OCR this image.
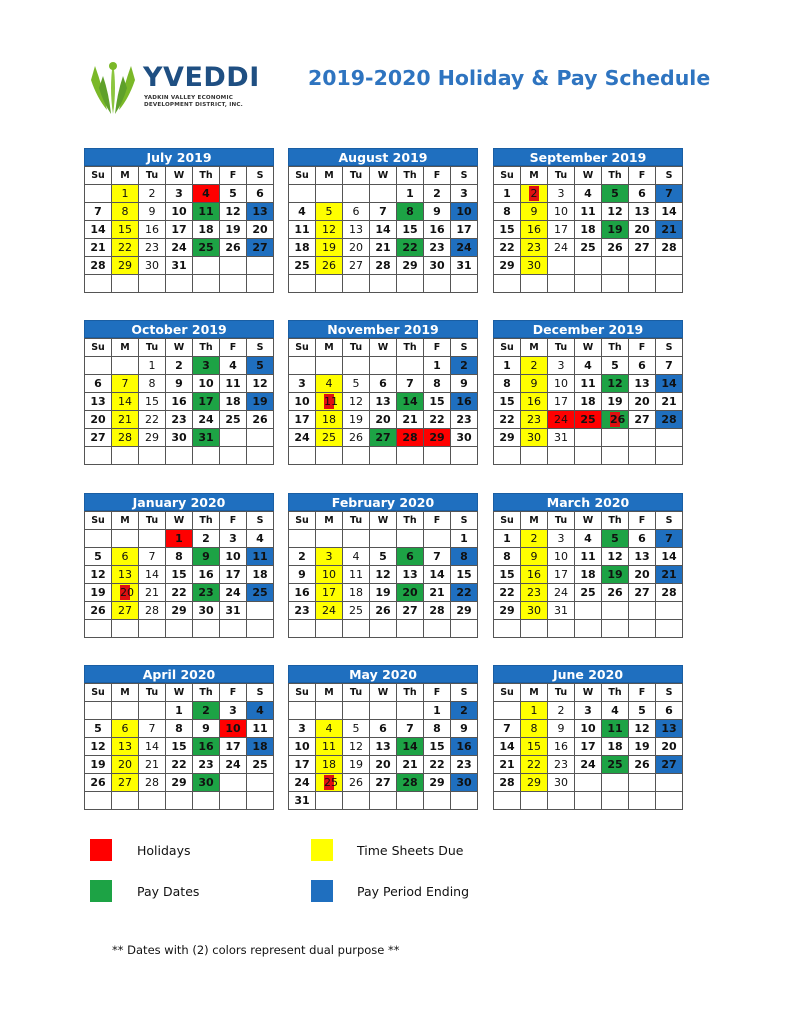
YVEDDI
YADKIN VALLEY ECONOMIC
DEVELOPMENT DISTRICT, INC.
2019-2020 Holiday & Pay Schedule
July 2019
Su	M	Tu	W	Th	F	S
	1	2	3	4	5	6
7	8	9	10	11	12	13
14	15	16	17	18	19	20
21	22	23	24	25	26	27
28	29	30	31			

August 2019
Su	M	Tu	W	Th	F	S
				1	2	3
4	5	6	7	8	9	10
11	12	13	14	15	16	17
18	19	20	21	22	23	24
25	26	27	28	29	30	31

September 2019
Su	M	Tu	W	Th	F	S
1	2	3	4	5	6	7
8	9	10	11	12	13	14
15	16	17	18	19	20	21
22	23	24	25	26	27	28
29	30					

October 2019
Su	M	Tu	W	Th	F	S
		1	2	3	4	5
6	7	8	9	10	11	12
13	14	15	16	17	18	19
20	21	22	23	24	25	26
27	28	29	30	31		

November 2019
Su	M	Tu	W	Th	F	S
					1	2
3	4	5	6	7	8	9
10	11	12	13	14	15	16
17	18	19	20	21	22	23
24	25	26	27	28	29	30

December 2019
Su	M	Tu	W	Th	F	S
1	2	3	4	5	6	7
8	9	10	11	12	13	14
15	16	17	18	19	20	21
22	23	24	25	26	27	28
29	30	31				

January 2020
Su	M	Tu	W	Th	F	S
			1	2	3	4
5	6	7	8	9	10	11
12	13	14	15	16	17	18
19	20	21	22	23	24	25
26	27	28	29	30	31	

February 2020
Su	M	Tu	W	Th	F	S
						1
2	3	4	5	6	7	8
9	10	11	12	13	14	15
16	17	18	19	20	21	22
23	24	25	26	27	28	29

March 2020
Su	M	Tu	W	Th	F	S
1	2	3	4	5	6	7
8	9	10	11	12	13	14
15	16	17	18	19	20	21
22	23	24	25	26	27	28
29	30	31				

April 2020
Su	M	Tu	W	Th	F	S
			1	2	3	4
5	6	7	8	9	10	11
12	13	14	15	16	17	18
19	20	21	22	23	24	25
26	27	28	29	30		

May 2020
Su	M	Tu	W	Th	F	S
					1	2
3	4	5	6	7	8	9
10	11	12	13	14	15	16
17	18	19	20	21	22	23
24	25	26	27	28	29	30
31						
June 2020
Su	M	Tu	W	Th	F	S
	1	2	3	4	5	6
7	8	9	10	11	12	13
14	15	16	17	18	19	20
21	22	23	24	25	26	27
28	29	30				

Holidays	Time Sheets Due
Pay Dates	Pay Period Ending
** Dates with (2) colors represent dual purpose **
